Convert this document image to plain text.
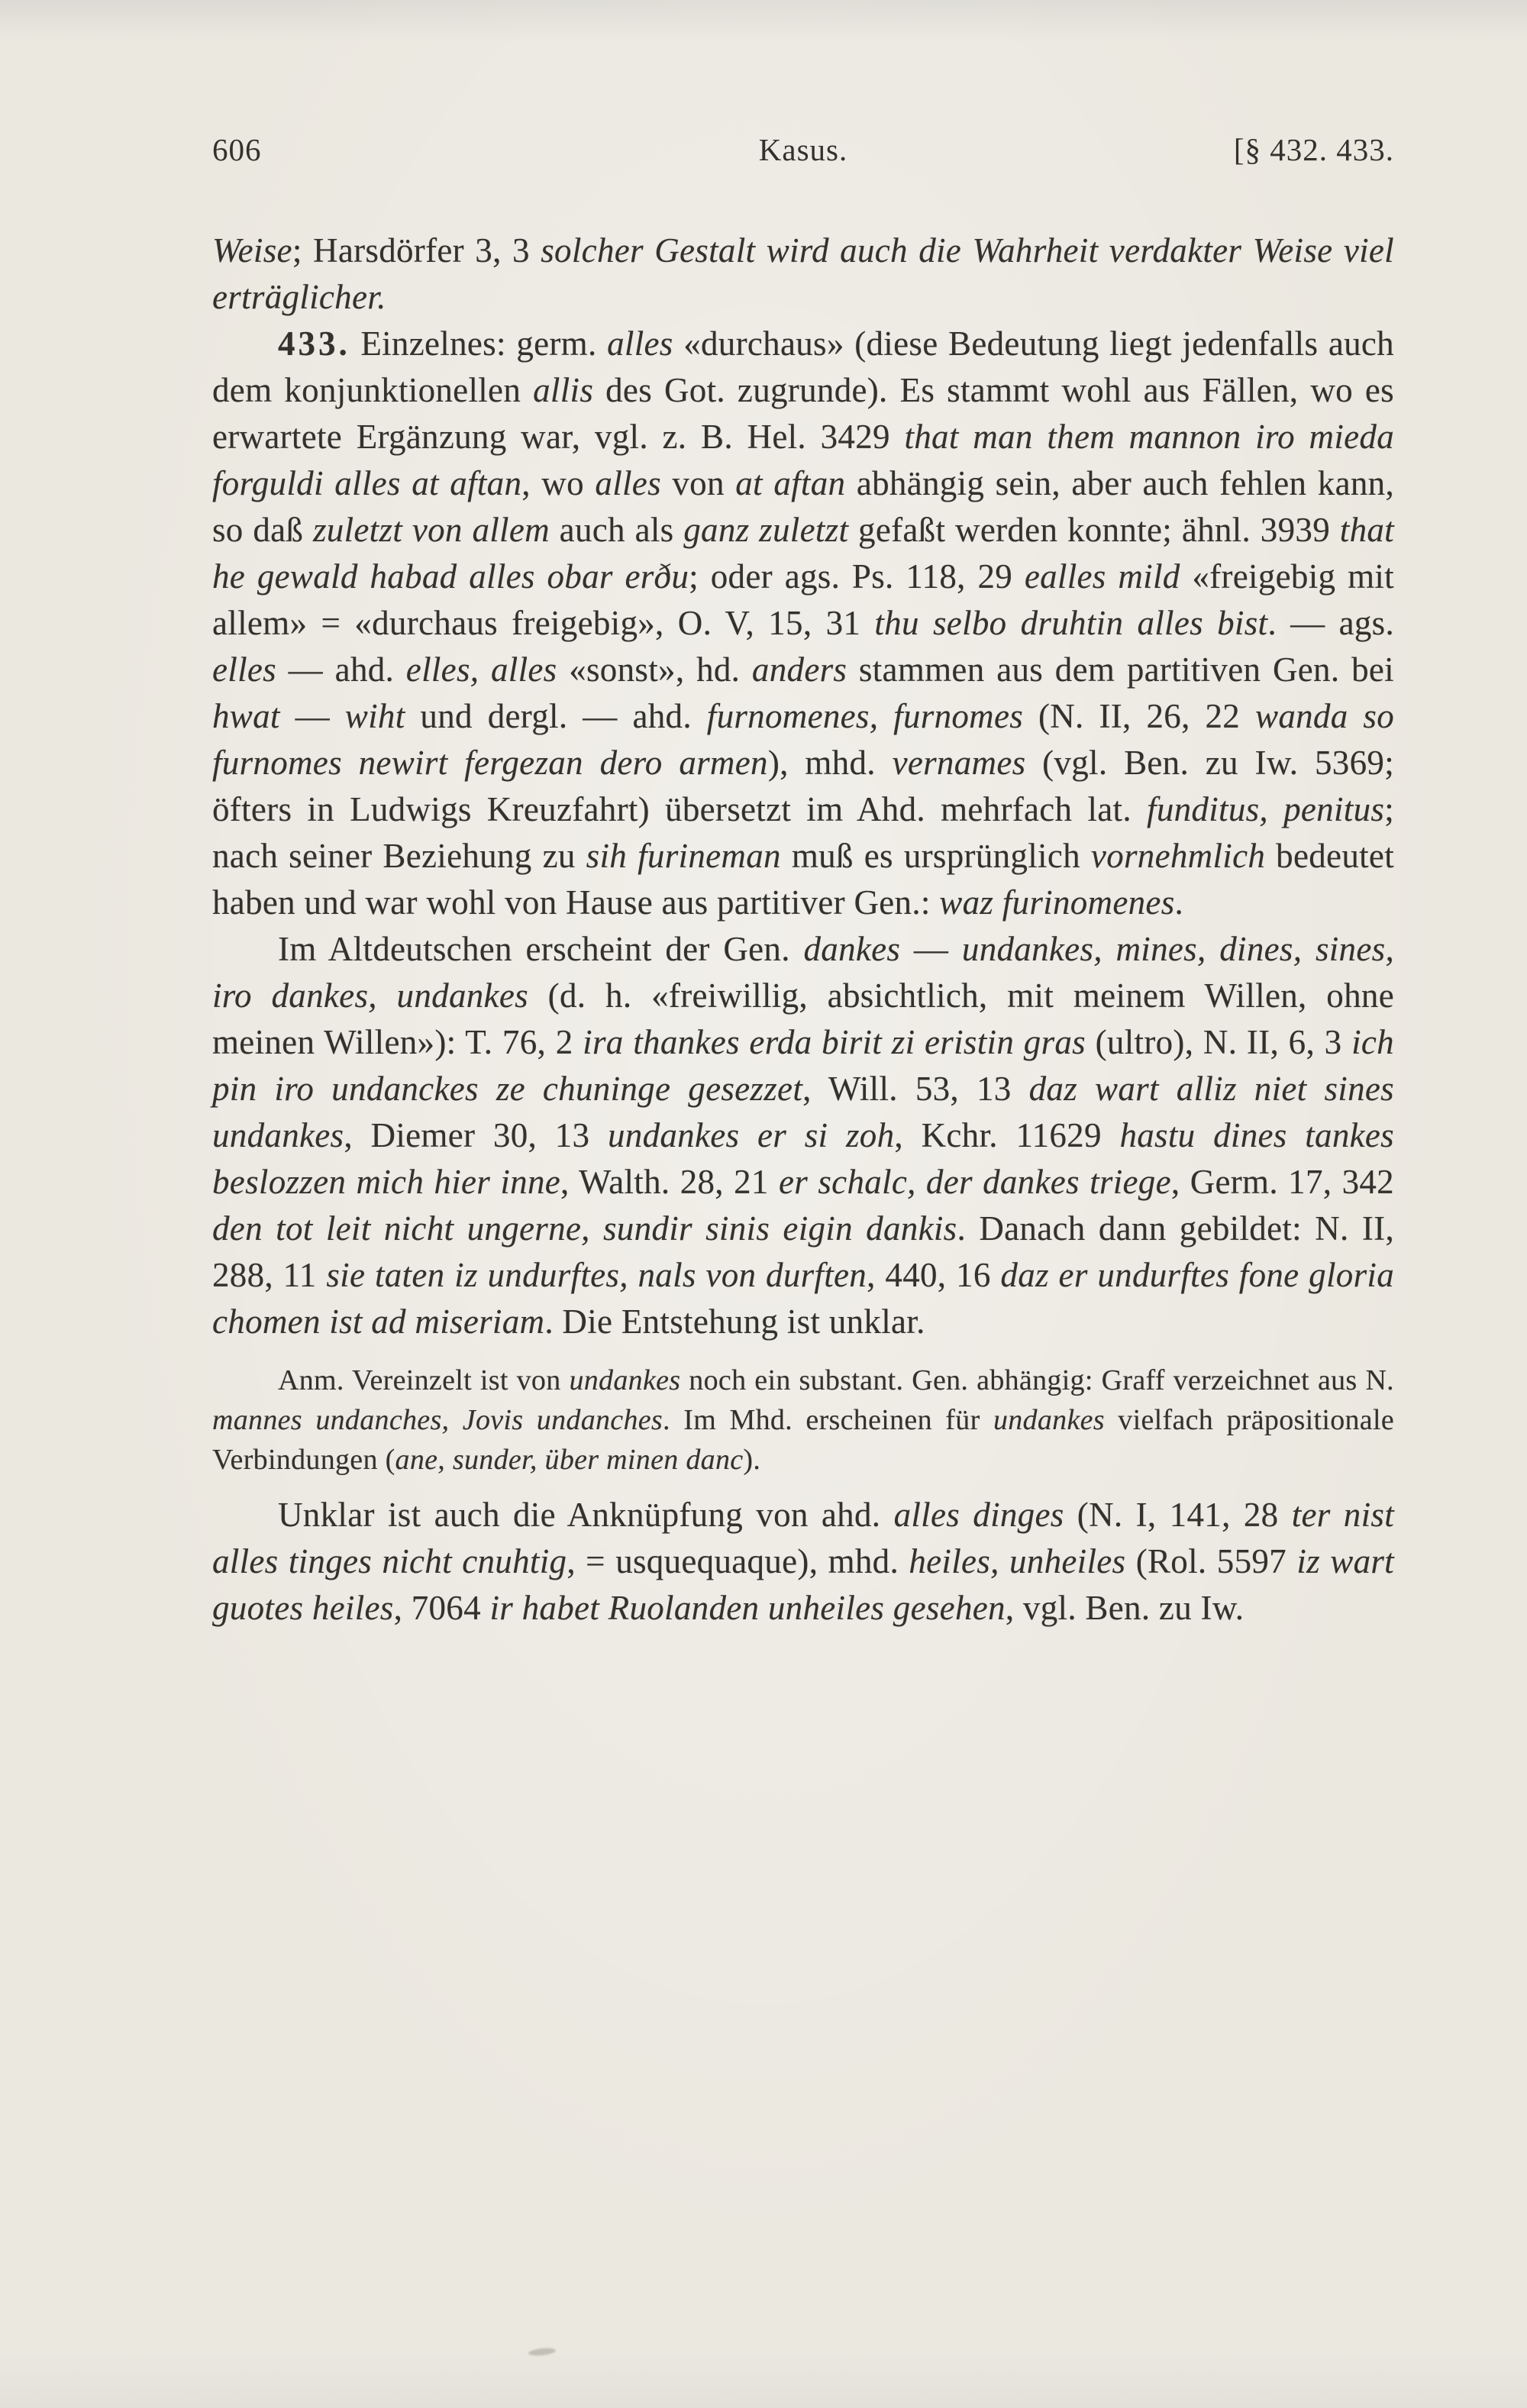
606	Kasus.	[§ 432. 433.

Weise; Harsdörfer 3, 3 solcher Gestalt wird auch die Wahrheit verdakter Weise viel erträglicher.

433. Einzelnes: germ. alles «durchaus» (diese Bedeutung liegt jedenfalls auch dem konjunktionellen allis des Got. zugrunde). Es stammt wohl aus Fällen, wo es erwartete Ergänzung war, vgl. z. B. Hel. 3429 that man them mannon iro mieda forguldi alles at aftan, wo alles von at aftan abhängig sein, aber auch fehlen kann, so daß zuletzt von allem auch als ganz zuletzt gefaßt werden konnte; ähnl. 3939 that he gewald habad alles obar erðu; oder ags. Ps. 118, 29 ealles mild «freigebig mit allem» = «durchaus freigebig», O. V, 15, 31 thu selbo druhtin alles bist. — ags. elles — ahd. elles, alles «sonst», hd. anders stammen aus dem partitiven Gen. bei hwat — wiht und dergl. — ahd. furnomenes, furnomes (N. II, 26, 22 wanda so furnomes newirt fergezan dero armen), mhd. vernames (vgl. Ben. zu Iw. 5369; öfters in Ludwigs Kreuzfahrt) übersetzt im Ahd. mehrfach lat. funditus, penitus; nach seiner Beziehung zu sih furineman muß es ursprünglich vornehmlich bedeutet haben und war wohl von Hause aus partitiver Gen.: waz furinomenes.

Im Altdeutschen erscheint der Gen. dankes — undankes, mines, dines, sines, iro dankes, undankes (d. h. «freiwillig, absichtlich, mit meinem Willen, ohne meinen Willen»): T. 76, 2 ira thankes erda birit zi eristin gras (ultro), N. II, 6, 3 ich pin iro undanckes ze chuninge gesezzet, Will. 53, 13 daz wart alliz niet sines undankes, Diemer 30, 13 undankes er si zoh, Kchr. 11629 hastu dines tankes beslozzen mich hier inne, Walth. 28, 21 er schalc, der dankes triege, Germ. 17, 342 den tot leit nicht ungerne, sundir sinis eigin dankis. Danach dann gebildet: N. II, 288, 11 sie taten iz undurftes, nals von durften, 440, 16 daz er undurftes fone gloria chomen ist ad miseriam. Die Entstehung ist unklar.

Anm. Vereinzelt ist von undankes noch ein substant. Gen. abhängig: Graff verzeichnet aus N. mannes undanches, Jovis undanches. Im Mhd. erscheinen für undankes vielfach präpositionale Verbindungen (ane, sunder, über minen danc).

Unklar ist auch die Anknüpfung von ahd. alles dinges (N. I, 141, 28 ter nist alles tinges nicht cnuhtig, = usquequaque), mhd. heiles, unheiles (Rol. 5597 iz wart guotes heiles, 7064 ir habet Ruolanden unheiles gesehen, vgl. Ben. zu Iw.
